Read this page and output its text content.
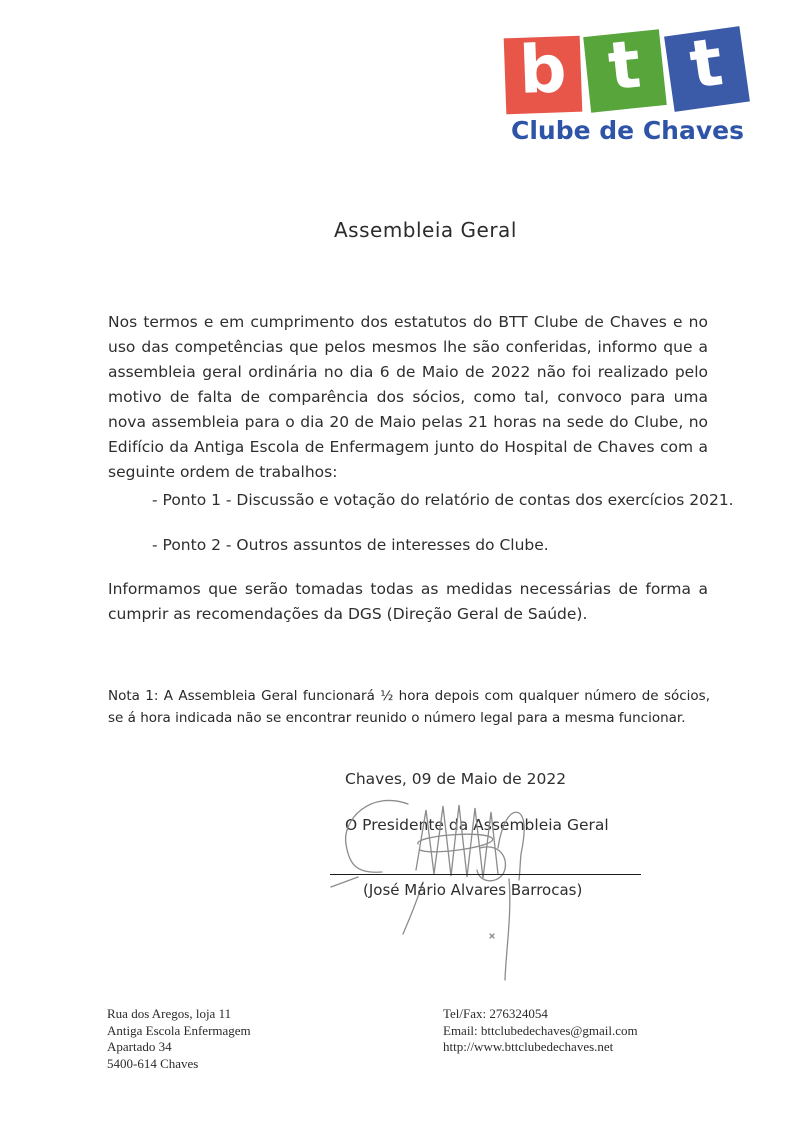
b t t
Clube de Chaves
Assembleia Geral

Nos termos e em cumprimento dos estatutos do BTT Clube de Chaves e no uso das competências que pelos mesmos lhe são conferidas, informo que a assembleia geral ordinária no dia 6 de Maio de 2022 não foi realizado pelo motivo de falta de comparência dos sócios, como tal, convoco para uma nova assembleia para o dia 20 de Maio pelas 21 horas na sede do Clube, no Edifício da Antiga Escola de Enfermagem junto do Hospital de Chaves com a seguinte ordem de trabalhos:

- Ponto 1 - Discussão e votação do relatório de contas dos exercícios 2021.

- Ponto 2 - Outros assuntos de interesses do Clube.

Informamos que serão tomadas todas as medidas necessárias de forma a cumprir as recomendações da DGS (Direção Geral de Saúde).

Nota 1: A Assembleia Geral funcionará ½ hora depois com qualquer número de sócios, se á hora indicada não se encontrar reunido o número legal para a mesma funcionar.

Chaves, 09 de Maio de 2022

O Presidente da Assembleia Geral

(José Mário Alvares Barrocas)

Rua dos Aregos, loja 11
Antiga Escola Enfermagem
Apartado 34
5400-614 Chaves
Tel/Fax: 276324054
Email: bttclubedechaves@gmail.com
http://www.bttclubedechaves.net
